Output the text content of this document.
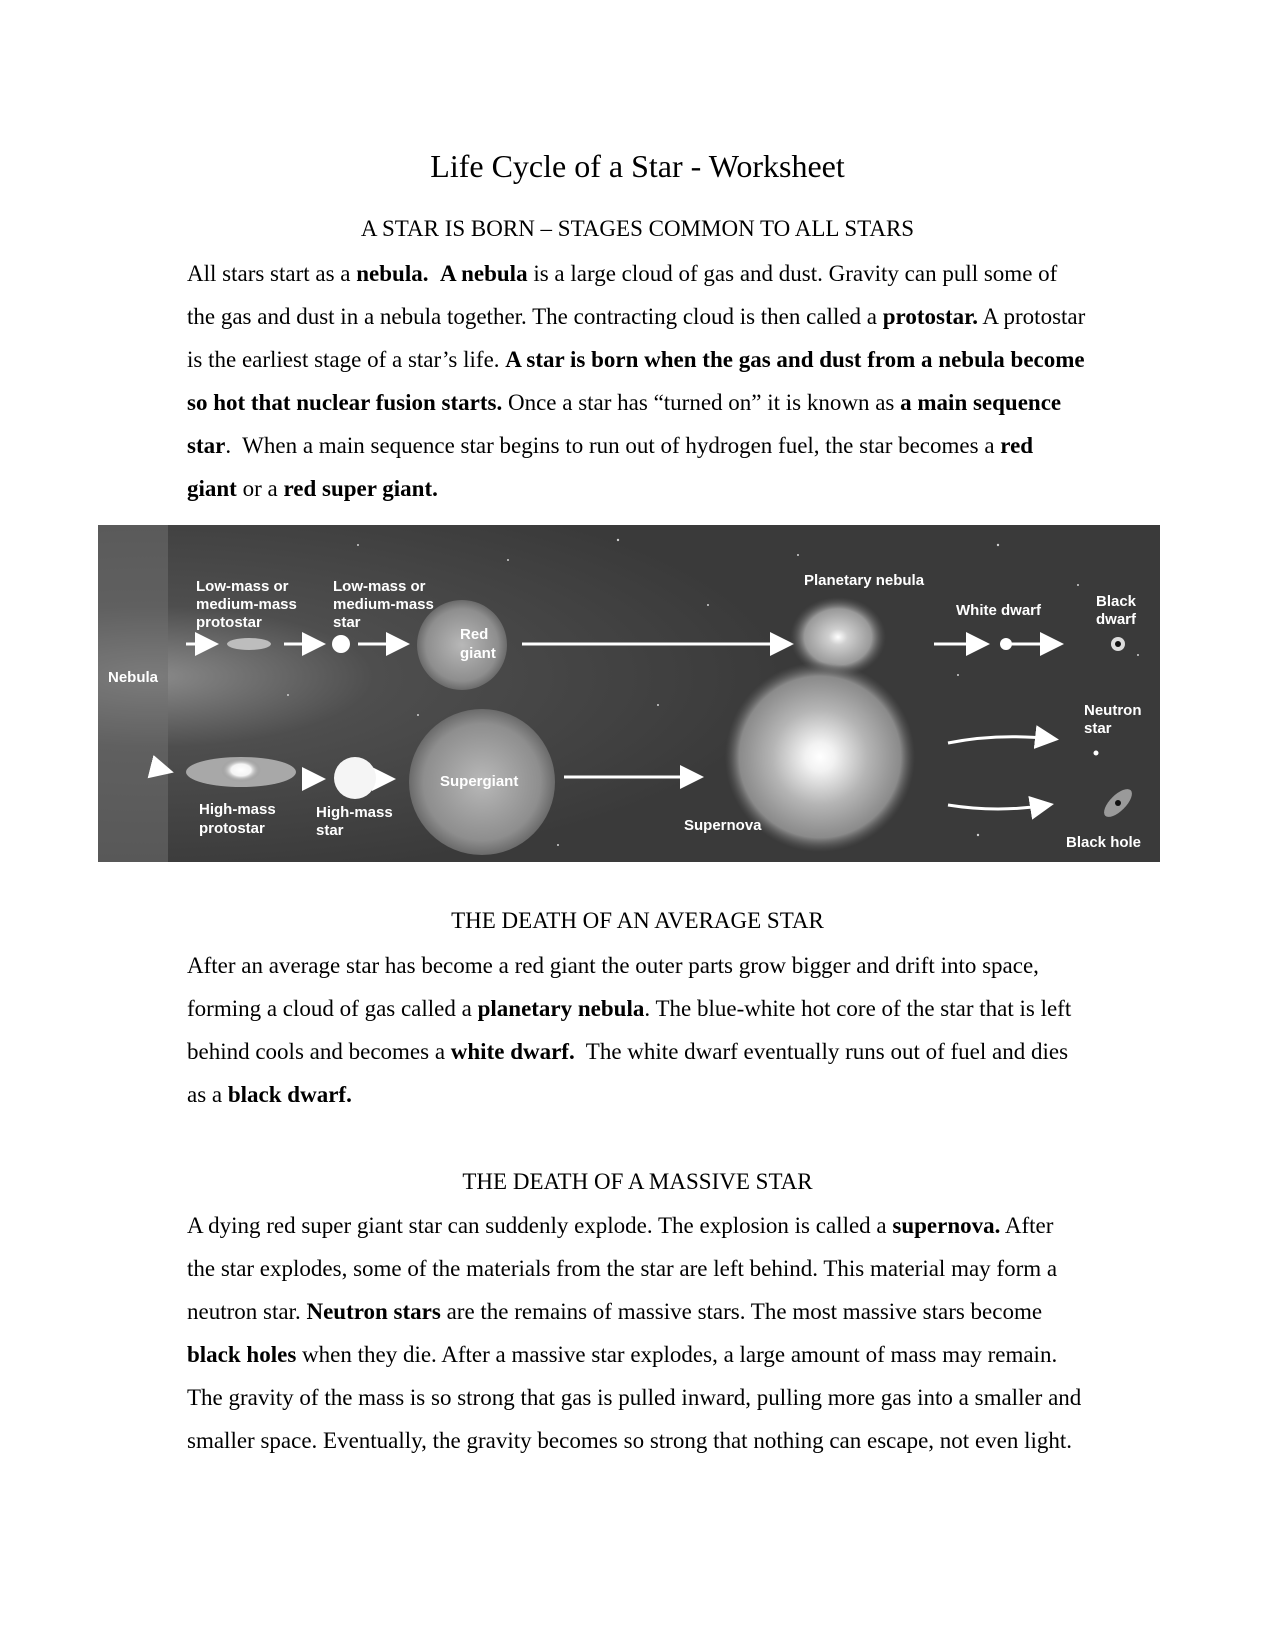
Life Cycle of a Star - Worksheet
A STAR IS BORN – STAGES COMMON TO ALL STARS
All stars start as a nebula. A nebula is a large cloud of gas and dust. Gravity can pull some of the gas and dust in a nebula together. The contracting cloud is then called a protostar. A protostar is the earliest stage of a star’s life. A star is born when the gas and dust from a nebula become so hot that nuclear fusion starts. Once a star has “turned on” it is known as a main sequence star.  When a main sequence star begins to run out of hydrogen fuel, the star becomes a red giant or a red super giant.
Nebula
Low-mass or medium-mass protostar
Low-mass or medium-mass star
Red giant
Planetary nebula
White dwarf
Black dwarf
Neutron star
High-mass protostar
High-mass star
Supergiant
Supernova
Black hole
THE DEATH OF AN AVERAGE STAR
After an average star has become a red giant the outer parts grow bigger and drift into space, forming a cloud of gas called a planetary nebula. The blue-white hot core of the star that is left behind cools and becomes a white dwarf.  The white dwarf eventually runs out of fuel and dies as a black dwarf.
THE DEATH OF A MASSIVE STAR
A dying red super giant star can suddenly explode. The explosion is called a supernova. After the star explodes, some of the materials from the star are left behind. This material may form a neutron star. Neutron stars are the remains of massive stars. The most massive stars become black holes when they die. After a massive star explodes, a large amount of mass may remain. The gravity of the mass is so strong that gas is pulled inward, pulling more gas into a smaller and smaller space. Eventually, the gravity becomes so strong that nothing can escape, not even light.
